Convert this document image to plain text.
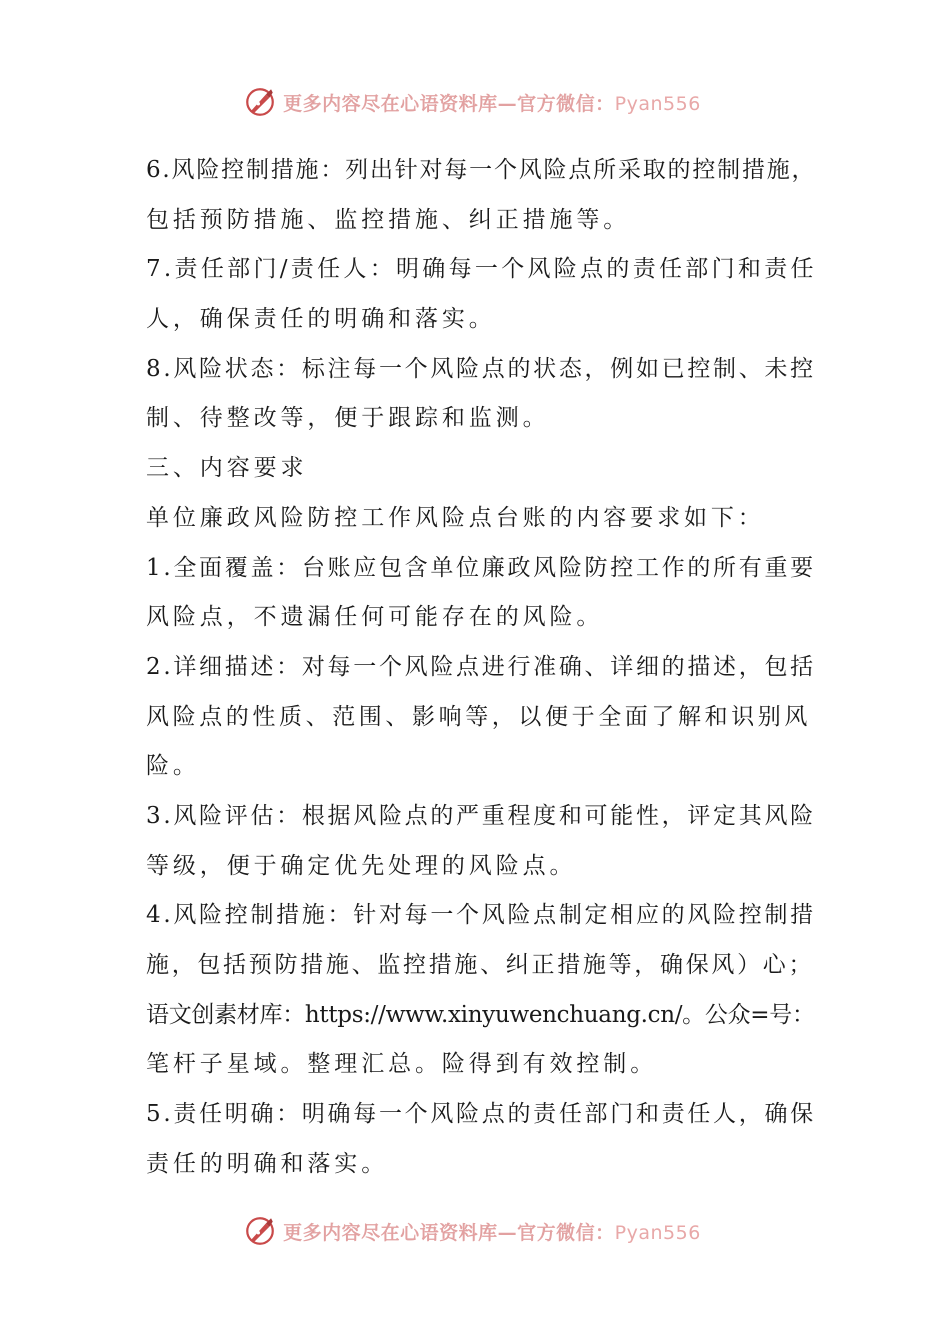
更多内容尽在心语资料库—官方微信：Pyan556
6.风险控制措施：列出针对每一个风险点所采取的控制措施，
包括预防措施、监控措施、纠正措施等。
7.责任部门/责任人：明确每一个风险点的责任部门和责任
人，确保责任的明确和落实。
8.风险状态：标注每一个风险点的状态，例如已控制、未控
制、待整改等，便于跟踪和监测。
三、内容要求
单位廉政风险防控工作风险点台账的内容要求如下：
1.全面覆盖：台账应包含单位廉政风险防控工作的所有重要
风险点，不遗漏任何可能存在的风险。
2.详细描述：对每一个风险点进行准确、详细的描述，包括
风险点的性质、范围、影响等，以便于全面了解和识别风
险。
3.风险评估：根据风险点的严重程度和可能性，评定其风险
等级，便于确定优先处理的风险点。
4.风险控制措施：针对每一个风险点制定相应的风险控制措
施，包括预防措施、监控措施、纠正措施等，确保风）心；
语文创素材库：https://www.xinyuwenchuang.cn/。公众=号：
笔杆子星域。整理汇总。险得到有效控制。
5.责任明确：明确每一个风险点的责任部门和责任人，确保
责任的明确和落实。
更多内容尽在心语资料库—官方微信：Pyan556
